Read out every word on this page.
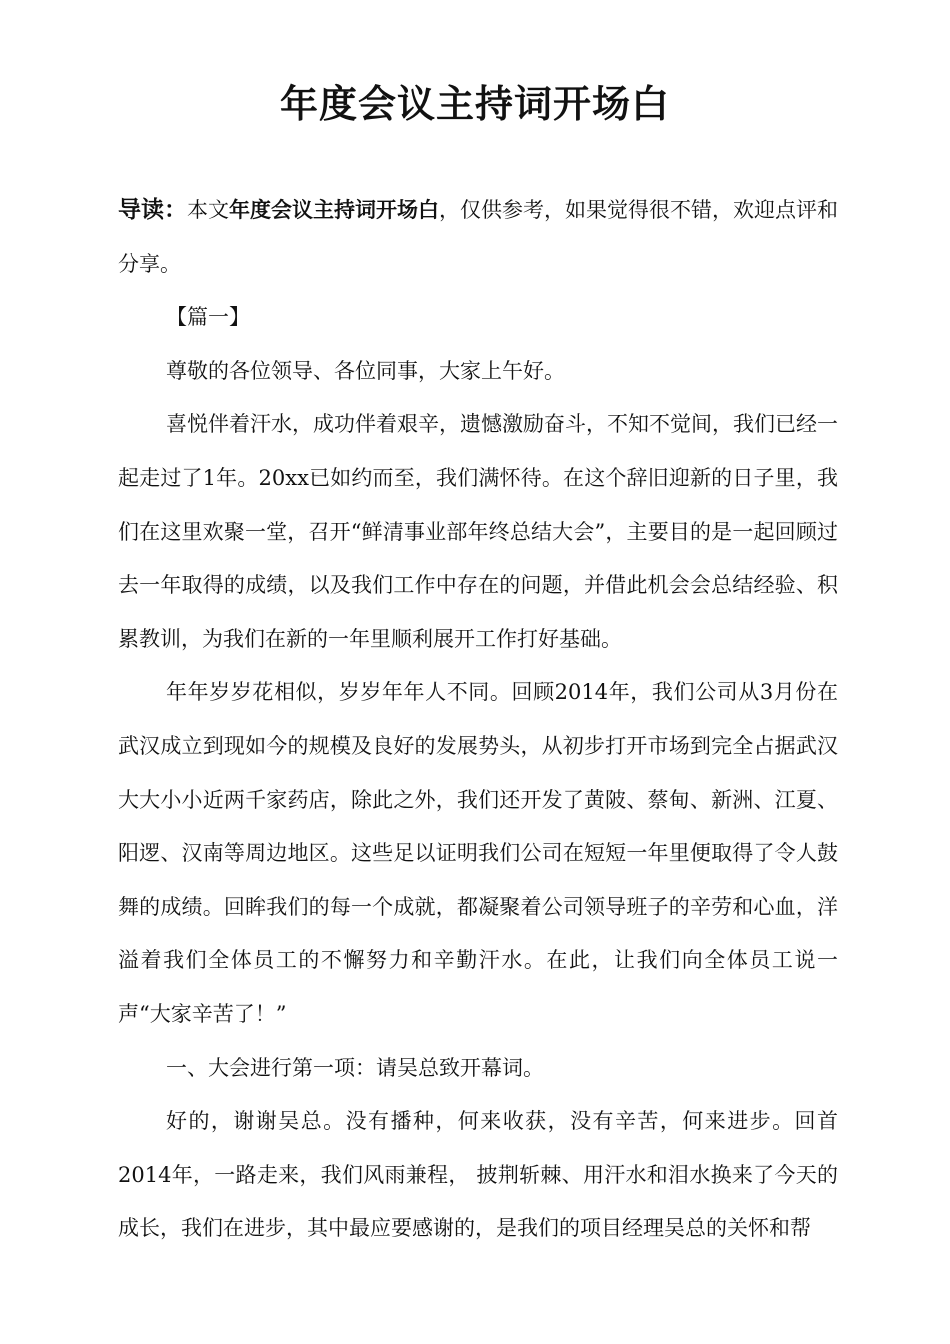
年度会议主持词开场白

导读：本文年度会议主持词开场白，仅供参考，如果觉得很不错，欢迎点评和分享。

【篇一】

尊敬的各位领导、各位同事，大家上午好。

喜悦伴着汗水，成功伴着艰辛，遗憾激励奋斗，不知不觉间，我们已经一起走过了1年。20xx已如约而至，我们满怀待。在这个辞旧迎新的日子里，我们在这里欢聚一堂，召开“鲜清事业部年终总结大会”，主要目的是一起回顾过去一年取得的成绩，以及我们工作中存在的问题，并借此机会会总结经验、积累教训，为我们在新的一年里顺利展开工作打好基础。

年年岁岁花相似，岁岁年年人不同。回顾2014年，我们公司从3月份在武汉成立到现如今的规模及良好的发展势头，从初步打开市场到完全占据武汉大大小小近两千家药店，除此之外，我们还开发了黄陂、蔡甸、新洲、江夏、阳逻、汉南等周边地区。这些足以证明我们公司在短短一年里便取得了令人鼓舞的成绩。回眸我们的每一个成就，都凝聚着公司领导班子的辛劳和心血，洋溢着我们全体员工的不懈努力和辛勤汗水。在此，让我们向全体员工说一声“大家辛苦了！”

一、大会进行第一项：请吴总致开幕词。

好的，谢谢吴总。没有播种，何来收获，没有辛苦，何来进步。回首2014年，一路走来，我们风雨兼程， 披荆斩棘、用汗水和泪水换来了今天的成长，我们在进步，其中最应要感谢的，是我们的项目经理吴总的关怀和帮
